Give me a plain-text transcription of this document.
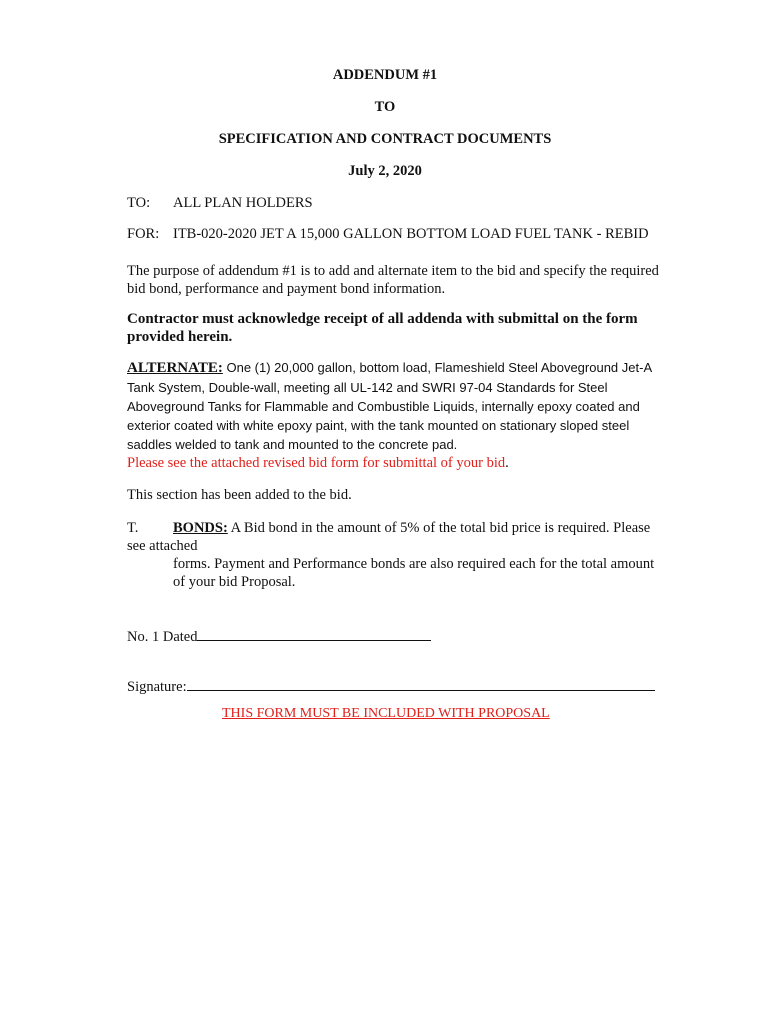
ADDENDUM #1
TO
SPECIFICATION AND CONTRACT DOCUMENTS
July 2, 2020
TO: ALL PLAN HOLDERS
FOR: ITB-020-2020 JET A 15,000 GALLON BOTTOM LOAD FUEL TANK - REBID
The purpose of addendum #1 is to add and alternate item to the bid and specify the required
bid bond, performance and payment bond information.
Contractor must acknowledge receipt of all addenda with submittal on the form
provided herein.
ALTERNATE: One (1) 20,000 gallon, bottom load, Flameshield Steel Aboveground Jet-A
Tank System, Double-wall, meeting all UL-142 and SWRI 97-04 Standards for Steel
Aboveground Tanks for Flammable and Combustible Liquids, internally epoxy coated and
exterior coated with white epoxy paint, with the tank mounted on stationary sloped steel
saddles welded to tank and mounted to the concrete pad.
Please see the attached revised bid form for submittal of your bid.
This section has been added to the bid.
T. BONDS: A Bid bond in the amount of 5% of the total bid price is required. Please
see attached
forms. Payment and Performance bonds are also required each for the total amount
of your bid Proposal.
No. 1 Dated
Signature:
THIS FORM MUST BE INCLUDED WITH PROPOSAL
